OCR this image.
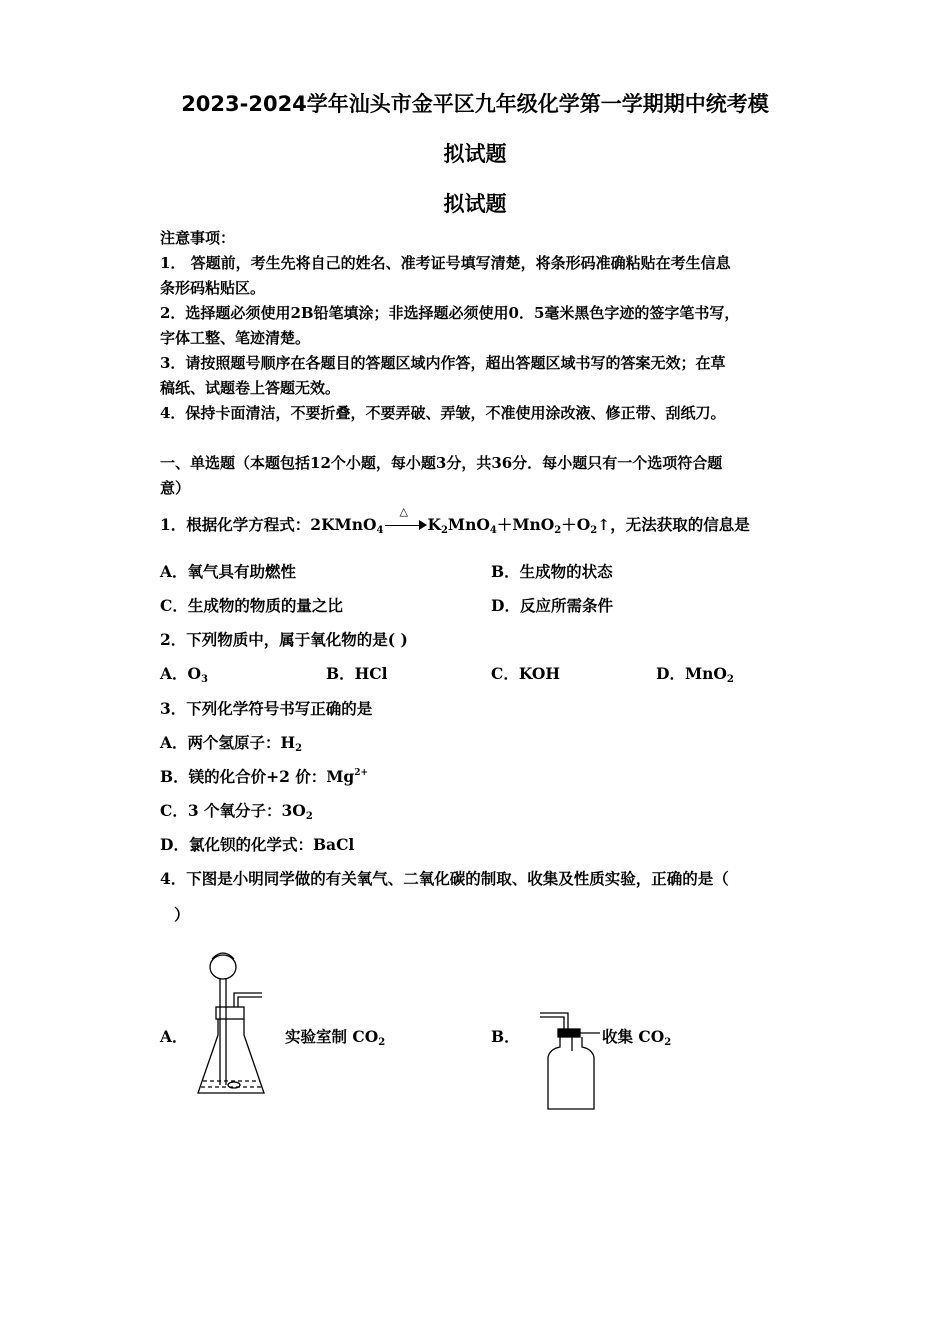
2023-2024学年汕头市金平区九年级化学第一学期期中统考模
拟试题
拟试题
注意事项：
1． 答题前，考生先将自己的姓名、准考证号填写清楚，将条形码准确粘贴在考生信息
条形码粘贴区。
2．选择题必须使用2B铅笔填涂；非选择题必须使用0．5毫米黑色字迹的签字笔书写，
字体工整、笔迹清楚。
3．请按照题号顺序在各题目的答题区域内作答，超出答题区域书写的答案无效；在草
稿纸、试题卷上答题无效。
4．保持卡面清洁，不要折叠，不要弄破、弄皱，不准使用涂改液、修正带、刮纸刀。
一、单选题（本题包括12个小题，每小题3分，共36分．每小题只有一个选项符合题
意）
1．根据化学方程式：2KMnO$_4$
△
$K_2MnO_4+MnO_2+O_2↑$，无法获取的信息是
A．氧气具有助燃性	B．生成物的状态
C．生成物的物质的量之比	D．反应所需条件
2．下列物质中，属于氧化物的是( )
A．$O_3$	B．HCl	C．KOH	D．MnO$_2$
3．下列化学符号书写正确的是
A．两个氢原子：$H_2$
B．镁的化合价+2 价：$Mg^{2+}$
C．3 个氧分子：$3O_2$
D．氯化钡的化学式：BaCl
4．下图是小明同学做的有关氧气、二氧化碳的制取、收集及性质实验，正确的是（
）
A．	实验室制 $CO_2$	B．	收集 $CO_2$
